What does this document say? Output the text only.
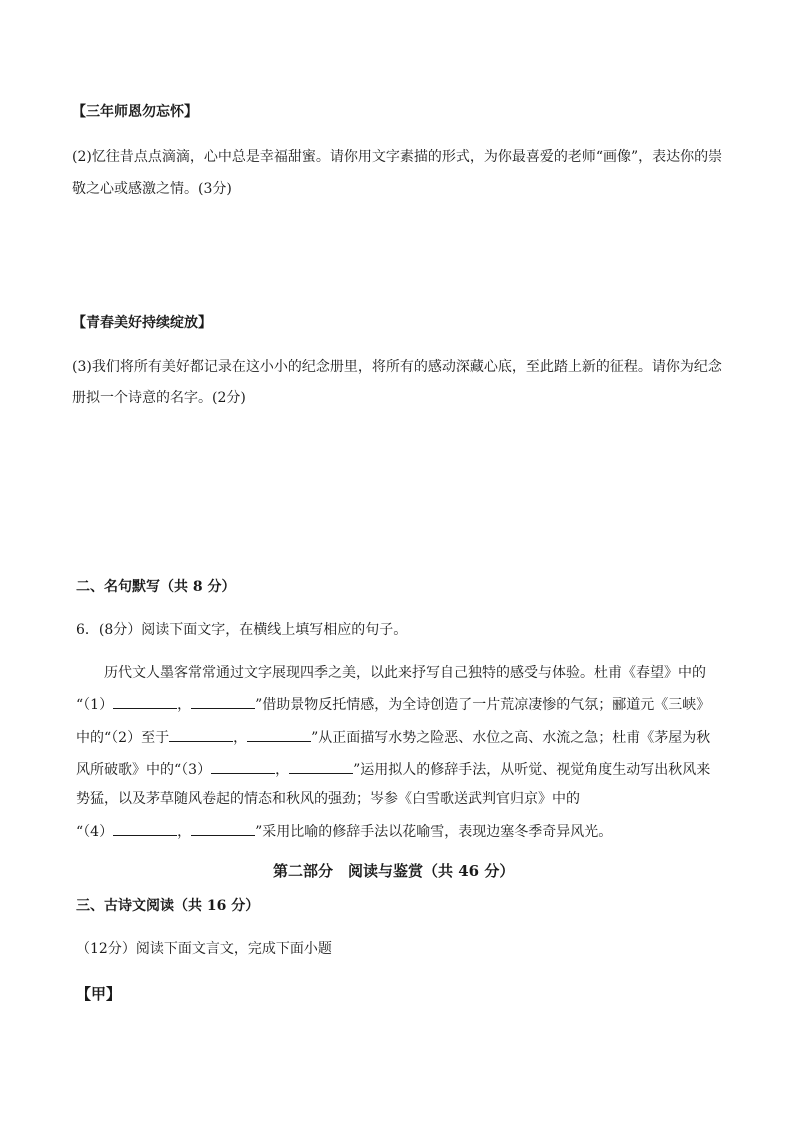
【三年师恩勿忘怀】
(2)忆往昔点点滴滴，心中总是幸福甜蜜。请你用文字素描的形式，为你最喜爱的老师“画像”，表达你的崇
敬之心或感激之情。(3分)
【青春美好持续绽放】
(3)我们将所有美好都记录在这小小的纪念册里，将所有的感动深藏心底，至此踏上新的征程。请你为纪念
册拟一个诗意的名字。(2分)
二、名句默写（共 8 分）
6．(8分）阅读下面文字，在横线上填写相应的句子。
历代文人墨客常常通过文字展现四季之美，以此来抒写自己独特的感受与体验。杜甫《春望》中的
“（1）	，	”借助景物反托情感，为全诗创造了一片荒凉凄惨的气氛；郦道元《三峡》
中的“（2）至于	，	”从正面描写水势之险恶、水位之高、水流之急；杜甫《茅屋为秋
风所破歌》中的“（3）	，	”运用拟人的修辞手法，从听觉、视觉角度生动写出秋风来
势猛，以及茅草随风卷起的情态和秋风的强劲；岑参《白雪歌送武判官归京》中的
“（4）	，	”采用比喻的修辞手法以花喻雪，表现边塞冬季奇异风光。
第二部分　阅读与鉴赏（共 46 分）
三、古诗文阅读（共 16 分）
（12分）阅读下面文言文，完成下面小题
【甲】
